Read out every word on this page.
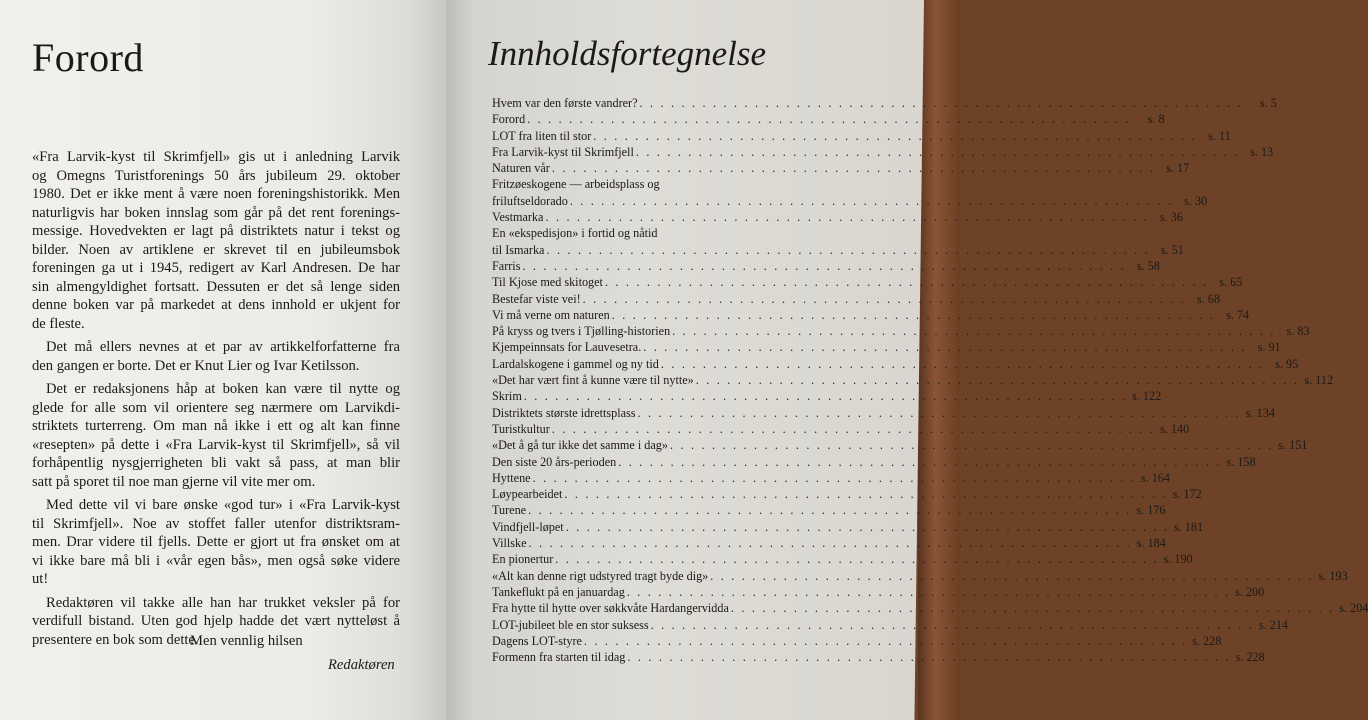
Forord
«Fra Larvik-kyst til Skrimfjell» gis ut i anledning Larvik
og Omegns Turistforenings 50 års jubileum 29. oktober
1980. Det er ikke ment å være noen foreningshistorikk. Men
naturligvis har boken innslag som går på det rent forenings-
messige. Hovedvekten er lagt på distriktets natur i tekst og
bilder. Noen av artiklene er skrevet til en jubileumsbok
foreningen ga ut i 1945, redigert av Karl Andresen. De har
sin almengyldighet fortsatt. Dessuten er det så lenge siden
denne boken var på markedet at dens innhold er ukjent for
de fleste.
Det må ellers nevnes at et par av artikkelforfatterne fra
den gangen er borte. Det er Knut Lier og Ivar Ketilsson.
Det er redaksjonens håp at boken kan være til nytte og
glede for alle som vil orientere seg nærmere om Larvikdi-
striktets turterreng. Om man nå ikke i ett og alt kan finne
«resepten» på dette i «Fra Larvik-kyst til Skrimfjell», så vil
forhåpentlig nysgjerrigheten bli vakt så pass, at man blir
satt på sporet til noe man gjerne vil vite mer om.
Med dette vil vi bare ønske «god tur» i «Fra Larvik-kyst
til Skrimfjell». Noe av stoffet faller utenfor distriktsram-
men. Drar videre til fjells. Dette er gjort ut fra ønsket om at
vi ikke bare må bli i «vår egen bås», men også søke videre
ut!
Redaktøren vil takke alle han har trukket veksler på for
verdifull bistand. Uten god hjelp hadde det vært nytteløst å
presentere en bok som dette.
Men vennlig hilsen
Redaktøren
Innholdsfortegnelse
Hvem var den første vandrer? . . . . . . . . . . . . . . . . . . . . . . . . . . . . . . . . . . . . . . . . . . . . . . . . . . . . . . . . . .	s. 5
Forord . . . . . . . . . . . . . . . . . . . . . . . . . . . . . . . . . . . . . . . . . . . . . . . . . . . . . . . . . .	s. 8
LOT fra liten til stor . . . . . . . . . . . . . . . . . . . . . . . . . . . . . . . . . . . . . . . . . . . . . . . . . . . . . . . . . . s. 11
Fra Larvik-kyst til Skrimfjell . . . . . . . . . . . . . . . . . . . . . . . . . . . . . . . . . . . . . . . . . . . . . . . . . . . . . . . . . . s. 13
Naturen vår . . . . . . . . . . . . . . . . . . . . . . . . . . . . . . . . . . . . . . . . . . . . . . . . . . . . . . . . . . s. 17
Fritzøeskogene — arbeidsplass og
friluftseldorado . . . . . . . . . . . . . . . . . . . . . . . . . . . . . . . . . . . . . . . . . . . . . . . . . . . . . . . . . . s. 30
Vestmarka . . . . . . . . . . . . . . . . . . . . . . . . . . . . . . . . . . . . . . . . . . . . . . . . . . . . . . . . . . s. 36
En «ekspedisjon» i fortid og nåtid
til Ismarka . . . . . . . . . . . . . . . . . . . . . . . . . . . . . . . . . . . . . . . . . . . . . . . . . . . . . . . . . . s. 51
Farris . . . . . . . . . . . . . . . . . . . . . . . . . . . . . . . . . . . . . . . . . . . . . . . . . . . . . . . . . . s. 58
Til Kjose med skitoget . . . . . . . . . . . . . . . . . . . . . . . . . . . . . . . . . . . . . . . . . . . . . . . . . . . . . . . . . . s. 65
Bestefar viste vei! . . . . . . . . . . . . . . . . . . . . . . . . . . . . . . . . . . . . . . . . . . . . . . . . . . . . . . . . . . s. 68
Vi må verne om naturen . . . . . . . . . . . . . . . . . . . . . . . . . . . . . . . . . . . . . . . . . . . . . . . . . . . . . . . . . . s. 74
På kryss og tvers i Tjølling-historien . . . . . . . . . . . . . . . . . . . . . . . . . . . . . . . . . . . . . . . . . . . . . . . . . . . . . . . . . . s. 83
Kjempeinnsats for Lauvesetra. . . . . . . . . . . . . . . . . . . . . . . . . . . . . . . . . . . . . . . . . . . . . . . . . . . . . . . . . . . s. 91
Lardalskogene i gammel og ny tid . . . . . . . . . . . . . . . . . . . . . . . . . . . . . . . . . . . . . . . . . . . . . . . . . . . . . . . . . . s. 95
«Det har vært fint å kunne være til nytte» . . . . . . . . . . . . . . . . . . . . . . . . . . . . . . . . . . . . . . . . . . . . . . . . . . . . . . . . . . s. 112
Skrim . . . . . . . . . . . . . . . . . . . . . . . . . . . . . . . . . . . . . . . . . . . . . . . . . . . . . . . . . . s. 122
Distriktets største idrettsplass . . . . . . . . . . . . . . . . . . . . . . . . . . . . . . . . . . . . . . . . . . . . . . . . . . . . . . . . . . s. 134
Turistkultur . . . . . . . . . . . . . . . . . . . . . . . . . . . . . . . . . . . . . . . . . . . . . . . . . . . . . . . . . . s. 140
«Det å gå tur ikke det samme i dag» . . . . . . . . . . . . . . . . . . . . . . . . . . . . . . . . . . . . . . . . . . . . . . . . . . . . . . . . . . s. 151
Den siste 20 års-perioden . . . . . . . . . . . . . . . . . . . . . . . . . . . . . . . . . . . . . . . . . . . . . . . . . . . . . . . . . . s. 158
Hyttene . . . . . . . . . . . . . . . . . . . . . . . . . . . . . . . . . . . . . . . . . . . . . . . . . . . . . . . . . . s. 164
Løypearbeidet . . . . . . . . . . . . . . . . . . . . . . . . . . . . . . . . . . . . . . . . . . . . . . . . . . . . . . . . . . s. 172
Turene . . . . . . . . . . . . . . . . . . . . . . . . . . . . . . . . . . . . . . . . . . . . . . . . . . . . . . . . . . s. 176
Vindfjell-løpet . . . . . . . . . . . . . . . . . . . . . . . . . . . . . . . . . . . . . . . . . . . . . . . . . . . . . . . . . . s. 181
Villske . . . . . . . . . . . . . . . . . . . . . . . . . . . . . . . . . . . . . . . . . . . . . . . . . . . . . . . . . . s. 184
En pionertur . . . . . . . . . . . . . . . . . . . . . . . . . . . . . . . . . . . . . . . . . . . . . . . . . . . . . . . . . . s. 190
«Alt kan denne rigt udstyred tragt byde dig» . . . . . . . . . . . . . . . . . . . . . . . . . . . . . . . . . . . . . . . . . . . . . . . . . . . . . . . . . . s. 193
Tankeflukt på en januardag . . . . . . . . . . . . . . . . . . . . . . . . . . . . . . . . . . . . . . . . . . . . . . . . . . . . . . . . . . s. 200
Fra hytte til hytte over søkkvåte Hardangervidda . . . . . . . . . . . . . . . . . . . . . . . . . . . . . . . . . . . . . . . . . . . . . . . . . . . . . . . . . . s. 204
LOT-jubileet ble en stor suksess . . . . . . . . . . . . . . . . . . . . . . . . . . . . . . . . . . . . . . . . . . . . . . . . . . . . . . . . . . s. 214
Dagens LOT-styre . . . . . . . . . . . . . . . . . . . . . . . . . . . . . . . . . . . . . . . . . . . . . . . . . . . . . . . . . . s. 228
Formenn fra starten til idag . . . . . . . . . . . . . . . . . . . . . . . . . . . . . . . . . . . . . . . . . . . . . . . . . . . . . . . . . . s. 228
